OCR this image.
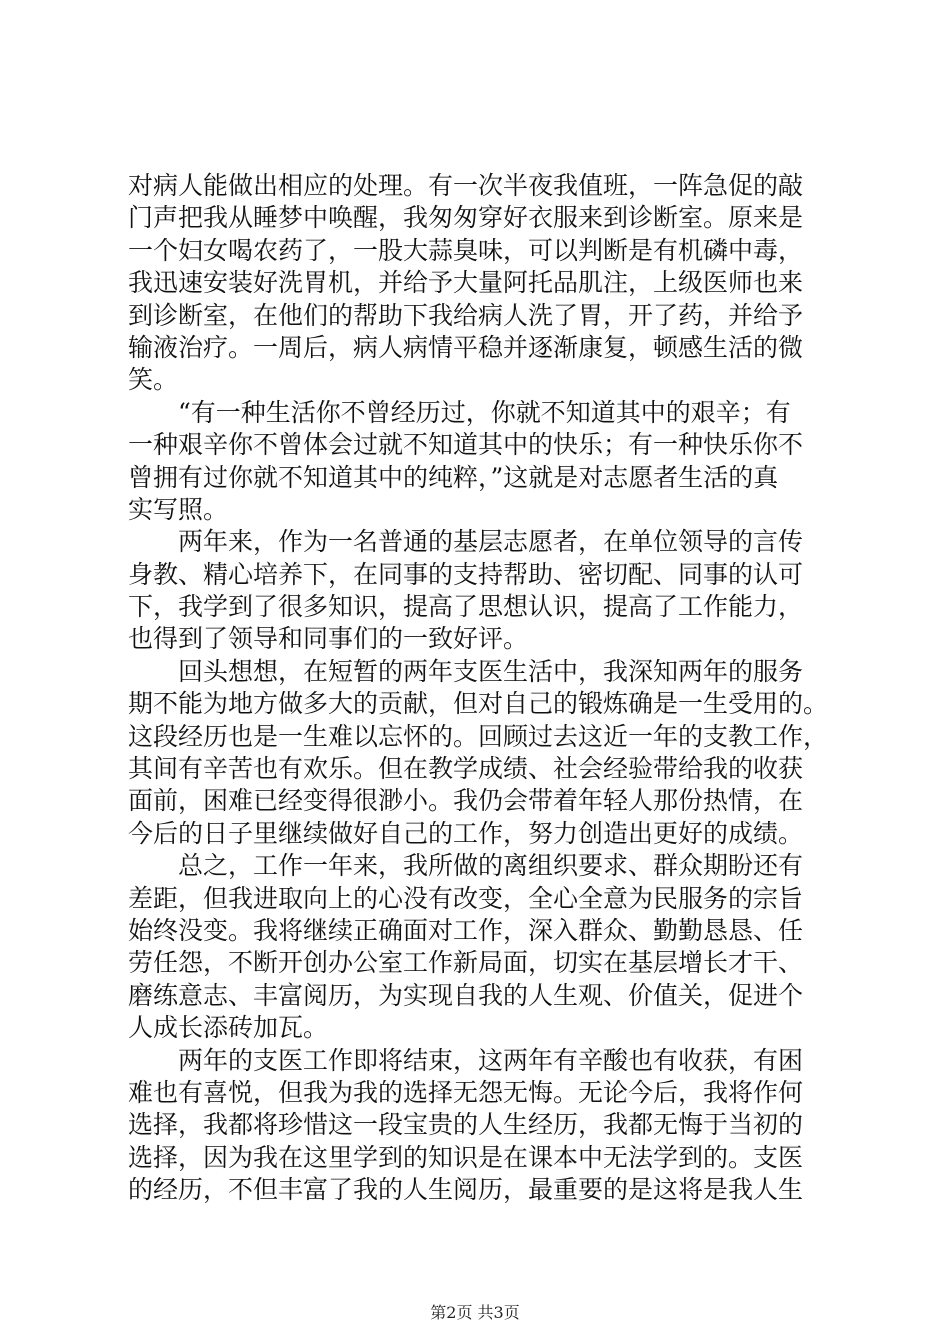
对病人能做出相应的处理。有一次半夜我值班，一阵急促的敲
门声把我从睡梦中唤醒，我匆匆穿好衣服来到诊断室。原来是
一个妇女喝农药了，一股大蒜臭味，可以判断是有机磷中毒，
我迅速安装好洗胃机，并给予大量阿托品肌注，上级医师也来
到诊断室，在他们的帮助下我给病人洗了胃，开了药，并给予
输液治疗。一周后，病人病情平稳并逐渐康复，顿感生活的微
笑。
“有一种生活你不曾经历过，你就不知道其中的艰辛；有
一种艰辛你不曾体会过就不知道其中的快乐；有一种快乐你不
曾拥有过你就不知道其中的纯粹，”这就是对志愿者生活的真
实写照。
两年来，作为一名普通的基层志愿者，在单位领导的言传
身教、精心培养下，在同事的支持帮助、密切配、同事的认可
下，我学到了很多知识，提高了思想认识，提高了工作能力，
也得到了领导和同事们的一致好评。
回头想想，在短暂的两年支医生活中，我深知两年的服务
期不能为地方做多大的贡献，但对自己的锻炼确是一生受用的。
这段经历也是一生难以忘怀的。回顾过去这近一年的支教工作，
其间有辛苦也有欢乐。但在教学成绩、社会经验带给我的收获
面前，困难已经变得很渺小。我仍会带着年轻人那份热情，在
今后的日子里继续做好自己的工作，努力创造出更好的成绩。
总之，工作一年来，我所做的离组织要求、群众期盼还有
差距，但我进取向上的心没有改变，全心全意为民服务的宗旨
始终没变。我将继续正确面对工作，深入群众、勤勤恳恳、任
劳任怨，不断开创办公室工作新局面，切实在基层增长才干、
磨练意志、丰富阅历，为实现自我的人生观、价值关，促进个
人成长添砖加瓦。
两年的支医工作即将结束，这两年有辛酸也有收获，有困
难也有喜悦，但我为我的选择无怨无悔。无论今后，我将作何
选择，我都将珍惜这一段宝贵的人生经历，我都无悔于当初的
选择，因为我在这里学到的知识是在课本中无法学到的。支医
的经历，不但丰富了我的人生阅历，最重要的是这将是我人生
第2页 共3页
